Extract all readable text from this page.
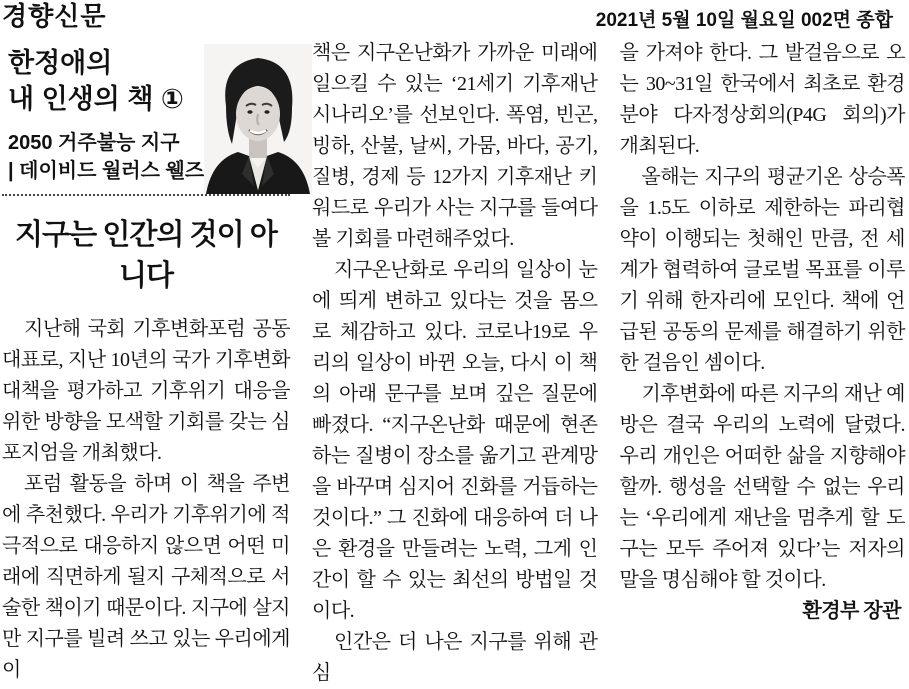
경향신문	2021년 5월 10일 월요일 002면 종합
한정애의
내 인생의 책 ①
2050 거주불능 지구
| 데이비드 월러스 웰즈
지구는 인간의 것이 아니다

지난해 국회 기후변화포럼 공동대표로, 지난 10년의 국가 기후변화 대책을 평가하고 기후위기 대응을 위한 방향을 모색할 기회를 갖는 심포지엄을 개최했다.

포럼 활동을 하며 이 책을 주변에 추천했다. 우리가 기후위기에 적극적으로 대응하지 않으면 어떤 미래에 직면하게 될지 구체적으로 서술한 책이기 때문이다. 지구에 살지만 지구를 빌려 쓰고 있는 우리에게 이

책은 지구온난화가 가까운 미래에 일으킬 수 있는 ‘21세기 기후재난 시나리오’를 선보인다. 폭염, 빈곤, 빙하, 산불, 날씨, 가뭄, 바다, 공기, 질병, 경제 등 12가지 기후재난 키워드로 우리가 사는 지구를 들여다볼 기회를 마련해주었다.

지구온난화로 우리의 일상이 눈에 띄게 변하고 있다는 것을 몸으로 체감하고 있다. 코로나19로 우리의 일상이 바뀐 오늘, 다시 이 책의 아래 문구를 보며 깊은 질문에 빠졌다. “지구온난화 때문에 현존하는 질병이 장소를 옮기고 관계망을 바꾸며 심지어 진화를 거듭하는 것이다.” 그 진화에 대응하여 더 나은 환경을 만들려는 노력, 그게 인간이 할 수 있는 최선의 방법일 것이다.

인간은 더 나은 지구를 위해 관심

을 가져야 한다. 그 발걸음으로 오는 30~31일 한국에서 최초로 환경분야 다자정상회의(P4G 회의)가 개최된다.

올해는 지구의 평균기온 상승폭을 1.5도 이하로 제한하는 파리협약이 이행되는 첫해인 만큼, 전 세계가 협력하여 글로벌 목표를 이루기 위해 한자리에 모인다. 책에 언급된 공동의 문제를 해결하기 위한 한 걸음인 셈이다.

기후변화에 따른 지구의 재난 예방은 결국 우리의 노력에 달렸다. 우리 개인은 어떠한 삶을 지향해야 할까. 행성을 선택할 수 없는 우리는 ‘우리에게 재난을 멈추게 할 도구는 모두 주어져 있다’는 저자의 말을 명심해야 할 것이다.

환경부 장관
